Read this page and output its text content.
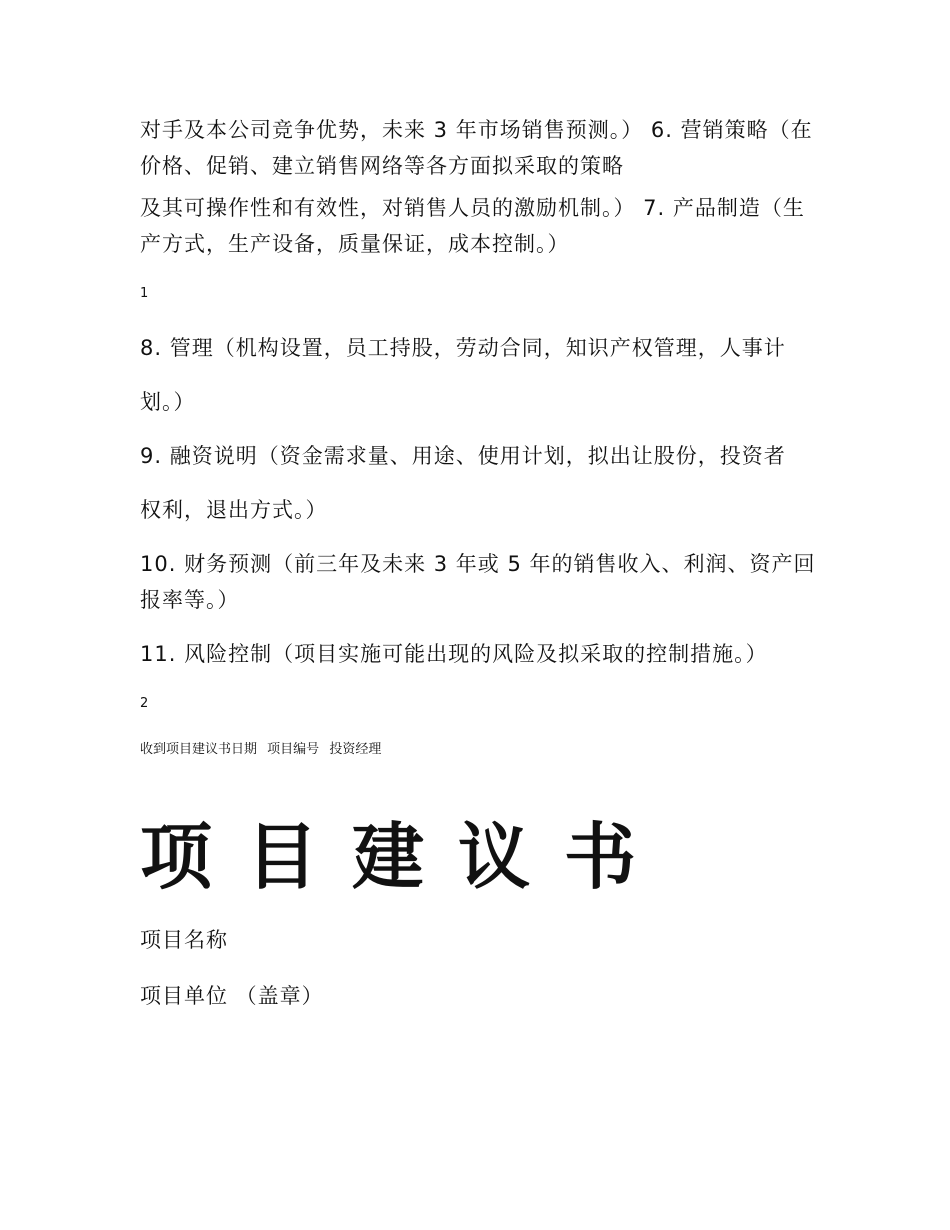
对手及本公司竞争优势，未来 3 年市场销售预测。） 6. 营销策略（在价格、促销、建立销售网络等各方面拟采取的策略

及其可操作性和有效性，对销售人员的激励机制。） 7. 产品制造（生产方式，生产设备，质量保证，成本控制。）

1

8. 管理（机构设置，员工持股，劳动合同，知识产权管理，人事计

划。）

9. 融资说明（资金需求量、用途、使用计划，拟出让股份，投资者

权利，退出方式。）

10. 财务预测（前三年及未来 3 年或 5 年的销售收入、利润、资产回报率等。）

11. 风险控制（项目实施可能出现的风险及拟采取的控制措施。）

2

收到项目建议书日期 项目编号 投资经理

项目建议书

项目名称

项目单位 （盖章）
